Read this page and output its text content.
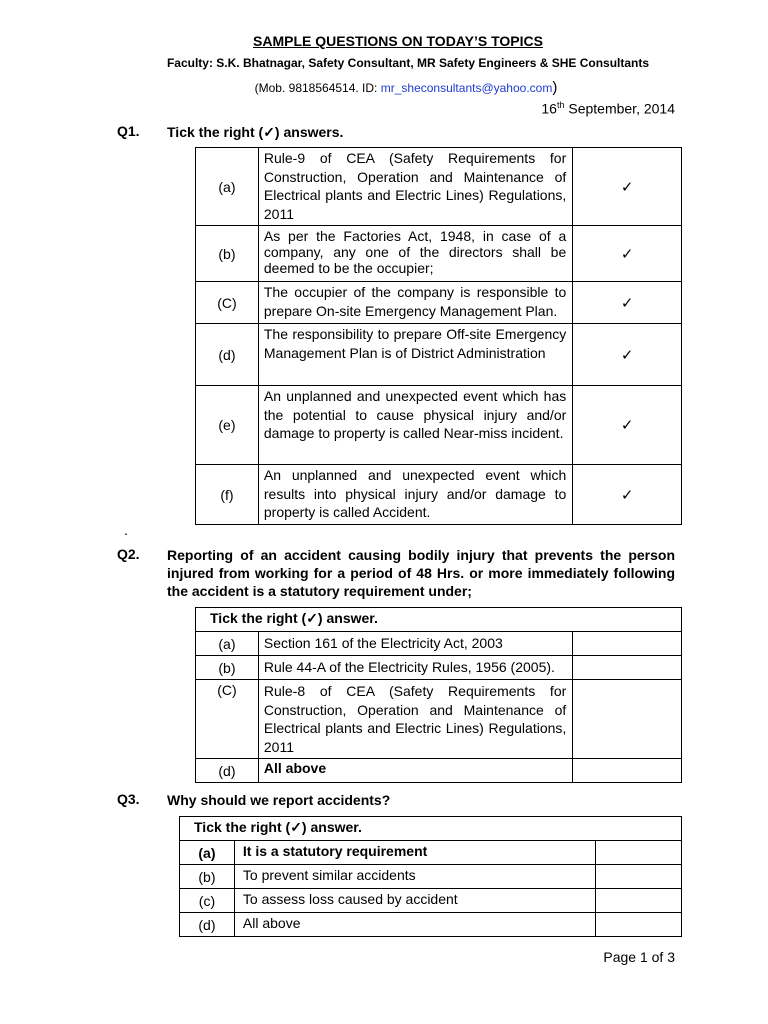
SAMPLE QUESTIONS ON TODAY’S TOPICS
Faculty: S.K. Bhatnagar, Safety Consultant, MR Safety Engineers & SHE Consultants
(Mob. 9818564514. ID: mr_sheconsultants@yahoo.com)
16th September, 2014
Q1. Tick the right (✓) answers.
(a)	Rule-9 of CEA (Safety Requirements for Construction, Operation and Maintenance of Electrical plants and Electric Lines) Regulations, 2011	✓
(b)	As per the Factories Act, 1948, in case of a company, any one of the directors shall be deemed to be the occupier;	✓
(C)	The occupier of the company is responsible to prepare On-site Emergency Management Plan.	✓
(d)	The responsibility to prepare Off-site Emergency Management Plan is of District Administration	✓
(e)	An unplanned and unexpected event which has the potential to cause physical injury and/or damage to property is called Near-miss incident.	✓
(f)	An unplanned and unexpected event which results into physical injury and/or damage to property is called Accident.	✓
.
Q2. Reporting of an accident causing bodily injury that prevents the person
injured from working for a period of 48 Hrs. or more immediately following
the accident is a statutory requirement under;
Tick the right (✓) answer.		
(a)	Section 161 of the Electricity Act, 2003	
(b)	Rule 44-A of the Electricity Rules, 1956 (2005).	
(C)	Rule-8 of CEA (Safety Requirements for Construction, Operation and Maintenance of Electrical plants and Electric Lines) Regulations, 2011	
(d)	All above	
Q3. Why should we report accidents?
Tick the right (✓) answer.		
(a)	It is a statutory requirement	
(b)	To prevent similar accidents	
(c)	To assess loss caused by accident	
(d)	All above	
Page 1 of 3
